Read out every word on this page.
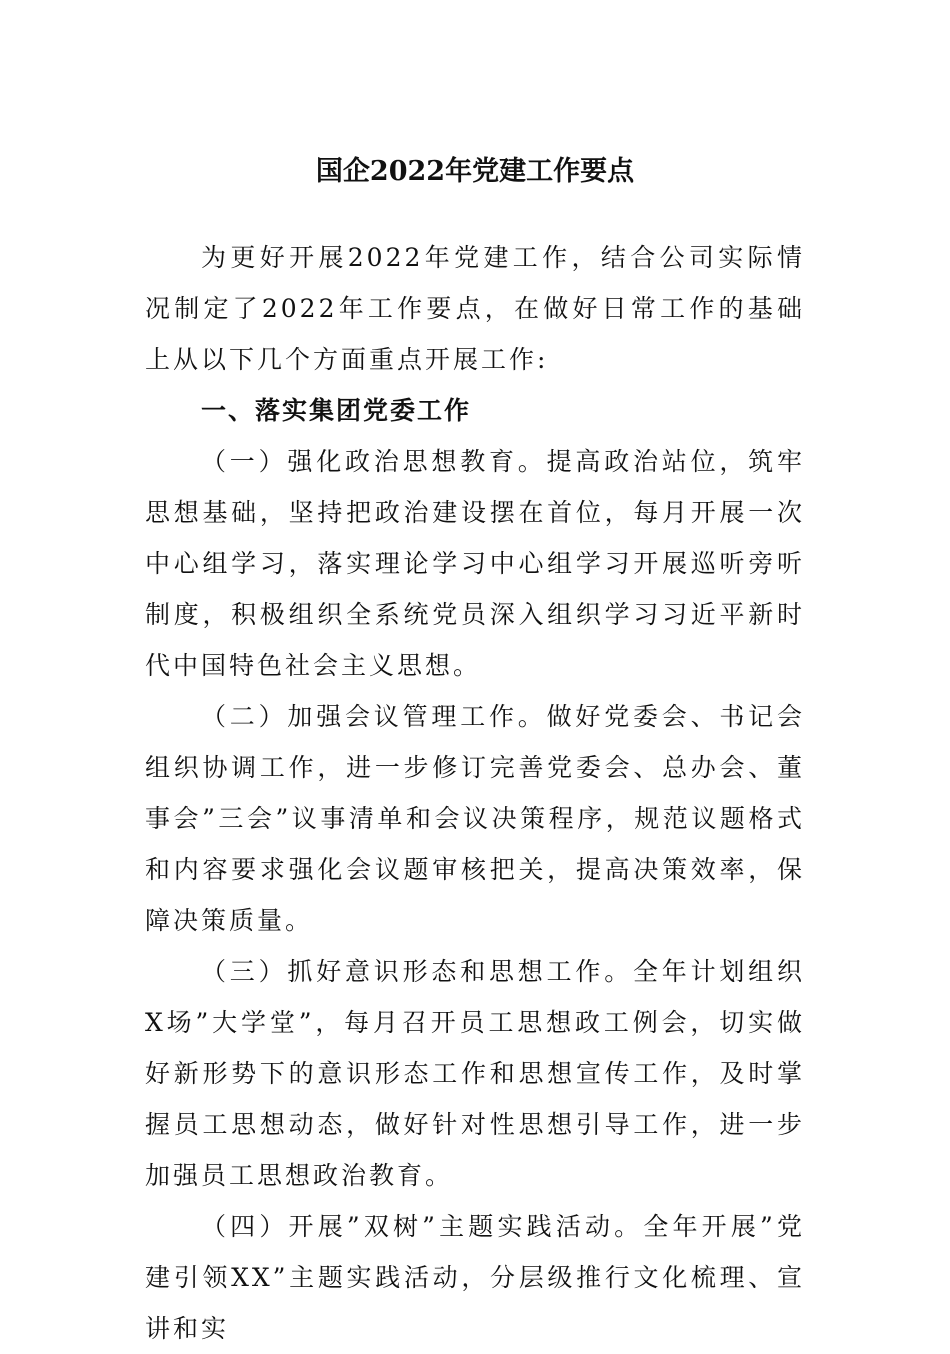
国企2022年党建工作要点

为更好开展2022年党建工作，结合公司实际情况制定了2022年工作要点，在做好日常工作的基础上从以下几个方面重点开展工作:

一、落实集团党委工作

（一）强化政治思想教育。提高政治站位，筑牢思想基础，坚持把政治建设摆在首位，每月开展一次中心组学习，落实理论学习中心组学习开展巡听旁听制度，积极组织全系统党员深入组织学习习近平新时代中国特色社会主义思想。

（二）加强会议管理工作。做好党委会、书记会组织协调工作，进一步修订完善党委会、总办会、董事会”三会”议事清单和会议决策程序，规范议题格式和内容要求强化会议题审核把关，提高决策效率，保障决策质量。

（三）抓好意识形态和思想工作。全年计划组织X场”大学堂”，每月召开员工思想政工例会，切实做好新形势下的意识形态工作和思想宣传工作，及时掌握员工思想动态，做好针对性思想引导工作，进一步加强员工思想政治教育。

（四）开展”双树”主题实践活动。全年开展”党建引领XX”主题实践活动，分层级推行文化梳理、宣讲和实
